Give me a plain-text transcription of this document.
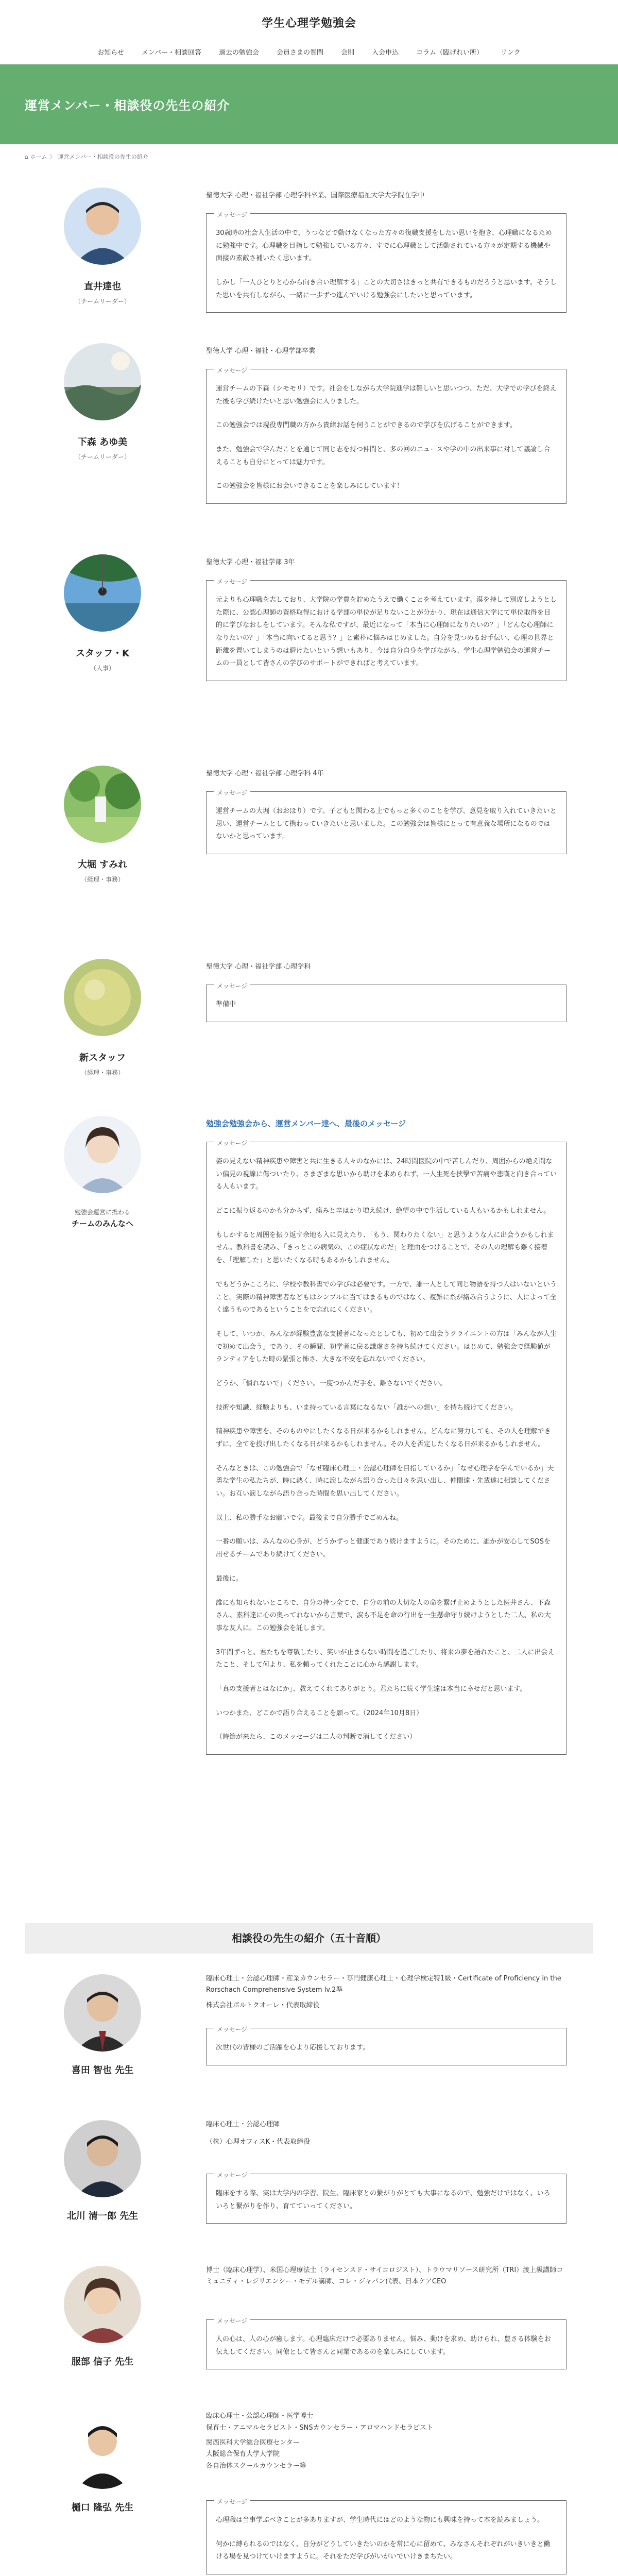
学生心理学勉強会
お知らせ	メンバー・相談回答	過去の勉強会	会員さまの質問	会則	入会申込	コラム（臨げれい所）	リンク
運営メンバー・相談役の先生の紹介
⌂ ホーム 〉 運営メンバー・相談役の先生の紹介
直井達也
（チームリーダー）
聖徳大学 心理・福祉学部 心理学科卒業、国際医療福祉大学大学院在学中
メッセージ

30歳時の社会人生活の中で、うつなどで動けなくなった方々の復職支援をしたい思いを抱き、心理職になるために勉強中です。心理職を目指して勉強している方々、すでに心理職として活動されている方々が定期する機械や面接の素敵さ補いたく思います。

しかし「一人ひとりと心から向き合い理解する」ことの大切さはきっと共有できるものだろうと思います。そうした思いを共有しながら、一緒に一歩ずつ進んでいける勉強会にしたいと思っています。

下森 あゆ美
（チームリーダー）
聖徳大学 心理・福祉・心理学部卒業
メッセージ

運営チームの下森（シモモリ）です。社会をしながら大学院進学は難しいと思いつつ、ただ、大学での学びを終えた後も学び続けたいと思い勉強会に入りました。

この勉強会では現役専門職の方から貴緒お話を伺うことができるので学びを広げることができます。

また、勉強会で学んだことを通じて同じ志を持つ仲間と、多の回のニュースや学の中の出来事に対して議論し合えることも自分にとっては魅力です。

この勉強会を皆様にお会いできることを楽しみにしています！

スタッフ・K
（人事）
聖徳大学 心理・福祉学部 3年
メッセージ

元よりも心理職を志しており、大学院の学費を貯めたうえで働くことを考えています。漠を持して別席しようとした際に、公認心理師の資格取得における学部の単位が足りないことが分かり、現在は通信大学にて単位取得を目的に学びなおしをしています。そんな私ですが、最近になって「本当に心理師になりたいの？」「どんな心理師になりたいの？」「本当に向いてると思う？」と素朴に悩みはじめました。自分を見つめるお手伝い、心理の世界と距離を置いてしまうのは避けたいという想いもあり、今は自分自身を学びながら、学生心理学勉強会の運営チームの一員として皆さんの学びのサポートができればと考えています。

大堀 すみれ
（経理・事務）
聖徳大学 心理・福祉学部 心理学科 4年
メッセージ

運営チームの大堀（おおほり）です。子どもと関わる上でもっと多くのことを学び、意見を取り入れていきたいと思い、運営チームとして携わっていきたいと思いました。この勉強会は皆様にとって有意義な場所になるのではないかと思っています。

新スタッフ
（経理・事務）
聖徳大学 心理・福祉学部 心理学科
メッセージ

準備中

勉強会運営に携わる
チームのみんなへ
勉強会勉強会から、運営メンバー達へ、最後のメッセージ
メッセージ

姿の見えない精神疾患や障害と共に生きる人々のなかには、24時間医院の中で苦しんだり、周囲からの絶え間ない偏見の視線に傷ついたり、さまざまな思いから助けを求められず、一人生死を挟撃で苦痛や悲嘆と向き合っている人もいます。

どこに振り返るのかも分からず、痛みと辛はかり増え続け、絶望の中で生活している人もいるかもしれません。

もしかすると周囲を振り返す余地も入に見えたり、「もう、関わりたくない」と思うような人に出会うかもしれません。教科書を読み、「きっとこの病気の、この症状なのだ」と理由をつけることで、その人の理解も難く接着を、「理解した」と思いたくなる時もあるかもしれません。

でもどうかこころに、学校や教科書での学びは必要です。一方で、誰一人として同じ物語を持つ人はいないということ。実際の精神障害者などもはシンプルに当てはまるものではなく、複雑に糸が絡み合うように、人によって全く違うものであるということをで忘れにくください。

そして、いつか、みんなが経験豊富な支援者になったとしても、初めて出会うクライエントの方は「みんなが人生で初めて出会う」であり、その瞬間、初学者に戻る謙虚さを持ち続けてください。はじめて、勉強会で経験値がランティアをした時の緊張と怖さ、大きな不安を忘れないでください。

どうか、「慣れないで」ください。一度つかんだ手を、離さないでください。

技術や知識、経験よりも、いま持っている言葉になるない「誰かへの想い」を持ち続けてください。

精神疾患や障害を、そのものやにしたくなる日が来るかもしれません。どんなに努力しても、その人を理解できずに、全てを投げ出したくなる日が来るかもしれません。その人を否定したくなる日が来るかもしれません。

そんなときは、この勉強会で「なぜ臨床心理士・公認心理師を目指しているか」「なぜ心理学を学んでいるか」夫勇な学生の私たちが、時に熱く、時に涙しながら語り合った日々を思い出し、仲間達・先輩達に相談してください。お互い涙しながら語り合った時間を思い出してください。

以上、私の勝手なお願いです。最後まで自分勝手でごめんね。

一番の願いは、みんなの心身が、どうかずっと健康であり続けますように。そのために、誰かが安心してSOSを出せるチームであり続けてください。

最後に。

誰にも知られないところで、自分の持つ全てで、自分の前の大切な人の命を繋げ止めようとした医井さん、下森さん、素科達に心の奥ってれないから言葉で、涙も不足を命の行出を一生懸命守り続けようとした二人、私の大事な友人に。この勉強会を託します。

3年間ずっと、君たちを尊敬したり、笑いが止まらない時間を過ごしたり、将来の夢を語れたこと、二人に出会えたこと、そして何より、私を頼ってくれたことに心から感謝します。

「真の支援者とはなにか」、教えてくれてありがとう。君たちに続く学生達は本当に幸せだと思います。

いつかまた、どこかで語り合えることを願って。（2024年10月8日）

（時節が来たら、このメッセージは二人の判断で消してください）

相談役の先生の紹介（五十音順）
喜田 智也 先生
臨床心理士・公認心理師・産業カウンセラー・専門健康心理士・心理学検定特1級・Certificate of Proficiency in the Rorschach Comprehensive System lv.2準
株式会社ボルトクオーレ・代表取締役
メッセージ

次世代の皆様のご活躍を心より応援しております。

北川 清一郎 先生
臨床心理士・公認心理師
（株）心理オフィスK・代表取締役
メッセージ

臨床をする際、実は大学内の学習、院生、臨床家との繋がりがとても大事になるので、勉強だけではなく、いろいろと繋がりを作り、育てていってください。

服部 信子 先生
博士（臨床心理学）、米国心理療法士（ライセンスド・サイコロジスト）、トラウマリソース研究所（TRI）渡上級講師コミュニティ・レジリエンシー・モデル講師、コレ・ジャパン代表、日本ケアCEO
メッセージ

人の心は、人の心が癒します。心理臨床だけで必要ありません。悩み、動けを求め、助けられ、豊さる体験をお伝えしてください。同僚として皆さんと同業であるのを楽しみにしています。

樋口 隆弘 先生
臨床心理士・公認心理師・医学博士
保育士・アニマルセラピスト・SNSカウンセラー・アロマハンドセラピスト
関西医科大学総合医療センター
大阪総合保育大学大学院
各自治体スクールカウンセラー等
メッセージ

心理職は当事学ぶべきことが多ありますが、学生時代にはどのような物にも興味を持って本を読みましょう。

何かに縛られるのではなく、自分がどうしていきたいのかを常に心に留めて、みなさんそれぞれがいきいきと働ける場を見つけていけますように。それをただ学びがいがいでいけきまちたい。
